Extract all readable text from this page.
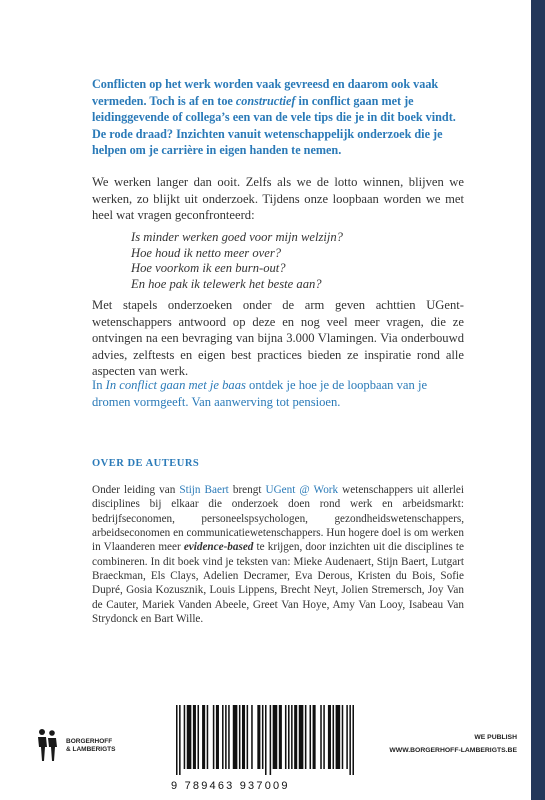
Conflicten op het werk worden vaak gevreesd en daarom ook vaak vermeden. Toch is af en toe constructief in conflict gaan met je leidinggevende of collega’s een van de vele tips die je in dit boek vindt. De rode draad? Inzichten vanuit wetenschappelijk onderzoek die je helpen om je carrière in eigen handen te nemen.

We werken langer dan ooit. Zelfs als we de lotto winnen, blijven we werken, zo blijkt uit onderzoek. Tijdens onze loopbaan worden we met heel wat vragen geconfronteerd:

Is minder werken goed voor mijn welzijn?
Hoe houd ik netto meer over?
Hoe voorkom ik een burn-out?
En hoe pak ik telewerk het beste aan?

Met stapels onderzoeken onder de arm geven achttien UGent-wetenschappers antwoord op deze en nog veel meer vragen, die ze ontvingen na een bevraging van bijna 3.000 Vlamingen. Via onderbouwd advies, zelftests en eigen best practices bieden ze inspiratie rond alle aspecten van werk.

In In conflict gaan met je baas ontdek je hoe je de loopbaan van je dromen vormgeeft. Van aanwerving tot pensioen.

OVER DE AUTEURS

Onder leiding van Stijn Baert brengt UGent @ Work wetenschappers uit allerlei disciplines bij elkaar die onderzoek doen rond werk en arbeidsmarkt: bedrijfseconomen, personeelspsychologen, gezondheidswetenschappers, arbeidseconomen en communicatiewetenschappers. Hun hogere doel is om werken in Vlaanderen meer evidence-based te krijgen, door inzichten uit die disciplines te combineren. In dit boek vind je teksten van: Mieke Audenaert, Stijn Baert, Lutgart Braeckman, Els Clays, Adelien Decramer, Eva Derous, Kristen du Bois, Sofie Dupré, Gosia Kozusznik, Louis Lippens, Brecht Neyt, Jolien Stremersch, Joy Van de Cauter, Mariek Vanden Abeele, Greet Van Hoye, Amy Van Looy, Isabeau Van Strydonck en Bart Wille.

BORGERHOFF
& LAMBERIGTS
9 789463 937009
WE PUBLISH
WWW.BORGERHOFF-LAMBERIGTS.BE
